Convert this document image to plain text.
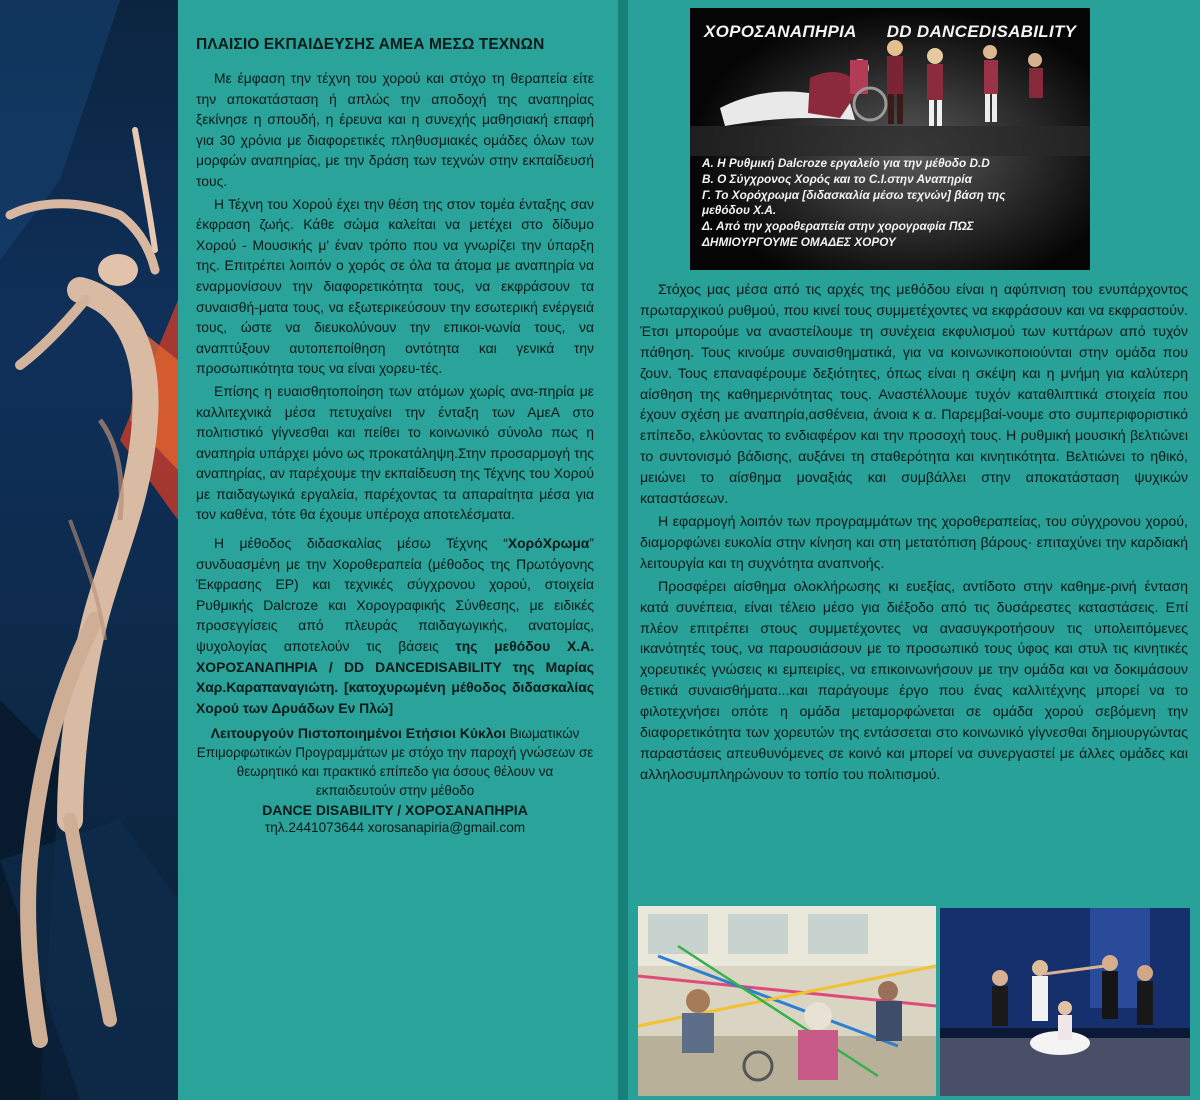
ΠΛΑΙΣΙΟ ΕΚΠΑΙΔΕΥΣΗΣ ΑΜΕΑ ΜΕΣΩ ΤΕΧΝΩΝ

Με έμφαση την τέχνη του χορού και στόχο τη θεραπεία είτε την αποκατάσταση ή απλώς την αποδοχή της αναπηρίας ξεκίνησε η σπουδή, η έρευνα και η συνεχής μαθησιακή επαφή για 30 χρόνια με διαφορετικές πληθυσμιακές ομάδες όλων των μορφών αναπηρίας, με την δράση των τεχνών στην εκπαίδευσή τους.

Η Τέχνη του Χορού έχει την θέση της στον τομέα ένταξης σαν έκφραση ζωής. Κάθε σώμα καλείται να μετέχει στο δίδυμο Χορού - Μουσικής μ' έναν τρόπο που να γνωρίζει την ύπαρξη της. Επιτρέπει λοιπόν ο χορός σε όλα τα άτομα με αναπηρία να εναρμονίσουν την διαφορετικότητα τους, να εκφράσουν τα συναισθή-ματα τους, να εξωτερικεύσουν την εσωτερική ενέργειά τους, ώστε να διευκολύνουν την επικοι-νωνία τους, να αναπτύξουν αυτοπεποίθηση οντότητα και γενικά την προσωπικότητα τους να είναι χορευ-τές.

Επίσης η ευαισθητοποίηση των ατόμων χωρίς ανα-πηρία με καλλιτεχνικά μέσα πετυχαίνει την ένταξη των ΑμεΑ στο πολιτιστικό γίγνεσθαι και πείθει το κοινωνικό σύνολο πως η αναπηρία υπάρχει μόνο ως προκατάληψη.Στην προσαρμογή της αναπηρίας, αν παρέχουμε την εκπαίδευση της Τέχνης του Χορού με παιδαγωγικά εργαλεία, παρέχοντας τα απαραίτητα μέσα για τον καθένα, τότε θα έχουμε υπέροχα αποτελέσματα.

Η μέθοδος διδασκαλίας μέσω Τέχνης “ΧορόΧρωμα” συνδυασμένη με την Χοροθεραπεία (μέθοδος της Πρωτόγονης Έκφρασης ΕΡ) και τεχνικές σύγχρονου χορού, στοιχεία Ρυθμικής Dalcroze και Χορογραφικής Σύνθεσης, με ειδικές προσεγγίσεις από πλευράς παιδαγωγικής, ανατομίας, ψυχολογίας αποτελούν τις βάσεις της μεθόδου Χ.Α. ΧΟΡΟΣΑΝΑΠΗΡΙΑ / DD DANCEDISABILITY της Μαρίας Χαρ.Καραπαναγιώτη. [κατοχυρωμένη μέθοδος διδασκαλίας Χορού των Δρυάδων Εν Πλώ]

Λειτουργούν Πιστοποιημένοι Ετήσιοι Κύκλοι Βιωματικών Επιμορφωτικών Προγραμμάτων με στόχο την παροχή γνώσεων σε θεωρητικό και πρακτικό επίπεδο για όσους θέλουν να εκπαιδευτούν στην μέθοδο
DANCE DISABILITY / ΧΟΡΟΣΑΝΑΠΗΡΙΑ
τηλ.2441073644 xorosanapiria@gmail.com

Στόχος μας μέσα από τις αρχές της μεθόδου είναι η αφύπνιση του ενυπάρχοντος πρωταρχικού ρυθμού, που κινεί τους συμμετέχοντες να εκφράσουν και να εκφραστούν. Έτσι μπορούμε να αναστείλουμε τη συνέχεια εκφυλισμού των κυττάρων από τυχόν πάθηση. Τους κινούμε συναισθηματικά, για να κοινωνικοποιούνται στην ομάδα που ζουν. Τους επαναφέρουμε δεξιότητες, όπως είναι η σκέψη και η μνήμη για καλύτερη αίσθηση της καθημερινότητας τους. Αναστέλλουμε τυχόν καταθλιπτικά στοιχεία που έχουν σχέση με αναπηρία,ασθένεια, άνοια κ α. Παρεμβαί-νουμε στο συμπεριφοριστικό επίπεδο, ελκύοντας το ενδιαφέρον και την προσοχή τους. Η ρυθμική μουσική βελτιώνει το συντονισμό βάδισης, αυξάνει τη σταθερότητα και κινητικότητα. Βελτιώνει το ηθικό, μειώνει το αίσθημα μοναξιάς και συμβάλλει στην αποκατάσταση ψυχικών καταστάσεων.

Η εφαρμογή λοιπόν των προγραμμάτων της χοροθεραπείας, του σύγχρονου χορού, διαμορφώνει ευκολία στην κίνηση και στη μετατόπιση βάρους· επιταχύνει την καρδιακή λειτουργία και τη συχνότητα αναπνοής.

Προσφέρει αίσθημα ολοκλήρωσης κι ευεξίας, αντίδοτο στην καθημε-ρινή ένταση κατά συνέπεια, είναι τέλειο μέσο για διέξοδο από τις δυσάρεστες καταστάσεις. Επί πλέον επιτρέπει στους συμμετέχοντες να ανασυγκροτήσουν τις υπολειπόμενες ικανότητές τους, να παρουσιάσουν με το προσωπικό τους ύφος και στυλ τις κινητικές χορευτικές γνώσεις κι εμπειρίες, να επικοινωνήσουν με την ομάδα και να δοκιμάσουν θετικά συναισθήματα...και παράγουμε έργο που ένας καλλιτέχνης μπορεί να το φιλοτεχνήσει οπότε η ομάδα μεταμορφώνεται σε ομάδα χορού σεβόμενη την διαφορετικότητα των χορευτών της εντάσσεται στο κοινωνικό γίγνεσθαι δημιουργώντας παραστάσεις απευθυνόμενες σε κοινό και μπορεί να συνεργαστεί με άλλες ομάδες και αλληλοσυμπληρώνουν το τοπίο του πολιτισμού.

ΧΟΡΟΣΑΝΑΠΗΡΙΑ DD DANCEDISABILITY
Α. Η Ρυθμική Dalcroze εργαλείο για την μέθοδο D.D
Β. Ο Σύγχρονος Χορός και το C.I.στην Αναπηρία
Γ. Το Χορόχρωμα [διδασκαλία μέσω τεχνών] βάση της
μεθόδου Χ.Α.
Δ. Από την χοροθεραπεία στην χορογραφία ΠΩΣ
ΔΗΜΙΟΥΡΓΟΥΜΕ ΟΜΑΔΕΣ ΧΟΡΟΥ
